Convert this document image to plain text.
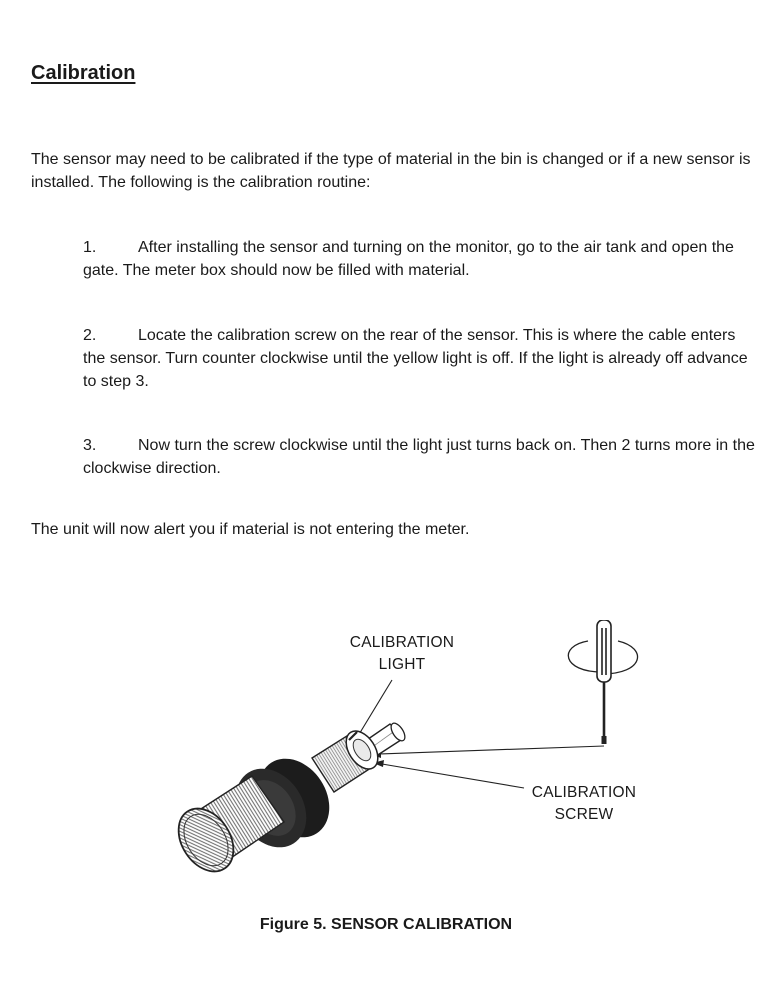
Calibration

The sensor may need to be calibrated if the type of material in the bin is changed or if a new sensor is installed. The following is the calibration routine:

1.	After installing the sensor and turning on the monitor, go to the air tank and open the gate. The meter box should now be filled with material.

2.	Locate the calibration screw on the rear of the sensor. This is where the cable enters the sensor. Turn counter clockwise until the yellow light is off. If the light is already off advance to step 3.

3.	Now turn the screw clockwise until the light just turns back on. Then 2 turns more in the clockwise direction.

The unit will now alert you if material is not entering the meter.

CALIBRATION LIGHT

CALIBRATION SCREW

Figure 5. SENSOR CALIBRATION
